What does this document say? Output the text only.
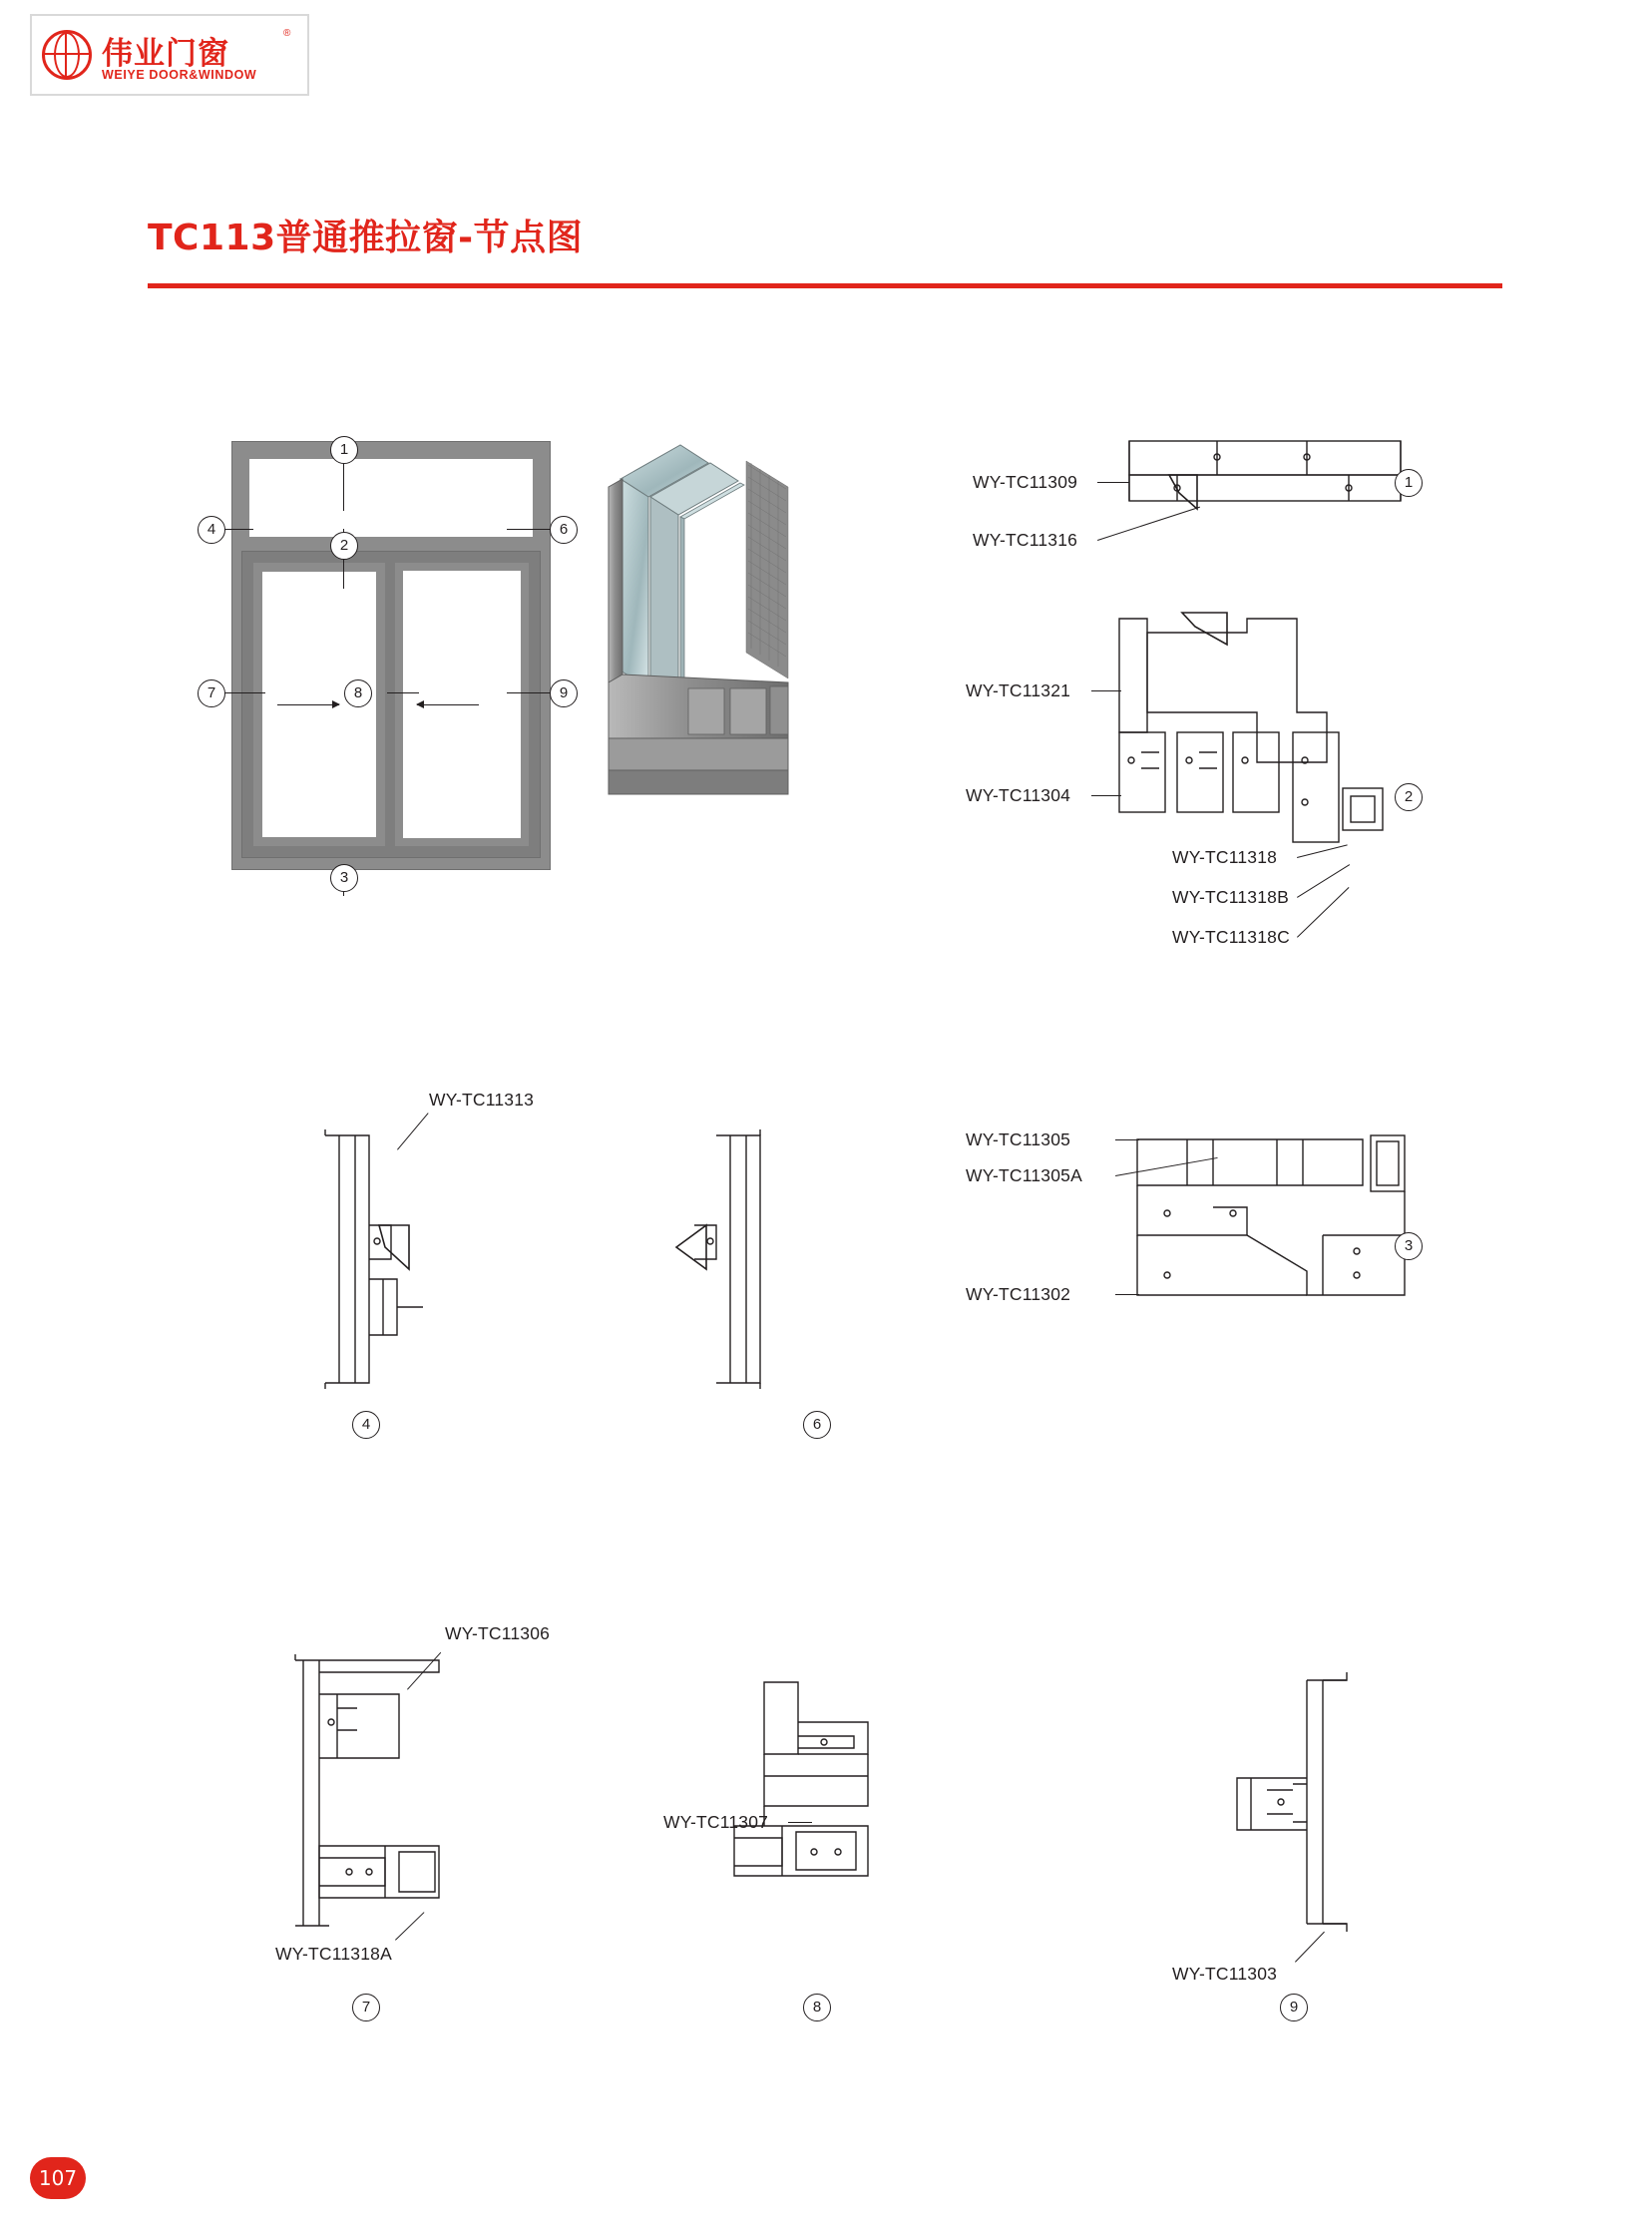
伟业门窗
®
WEIYE DOOR&WINDOW
TC113普通推拉窗-节点图
1
2
3
4	6
7	8	9
WY-TC11309
WY-TC11316
1
WY-TC11321
WY-TC11304
WY-TC11318
WY-TC11318B
WY-TC11318C
2
WY-TC11305
WY-TC11305A
WY-TC11302
3
WY-TC11313
4	6
WY-TC11306
WY-TC11318A
7
WY-TC11307
8
WY-TC11303
9
107
